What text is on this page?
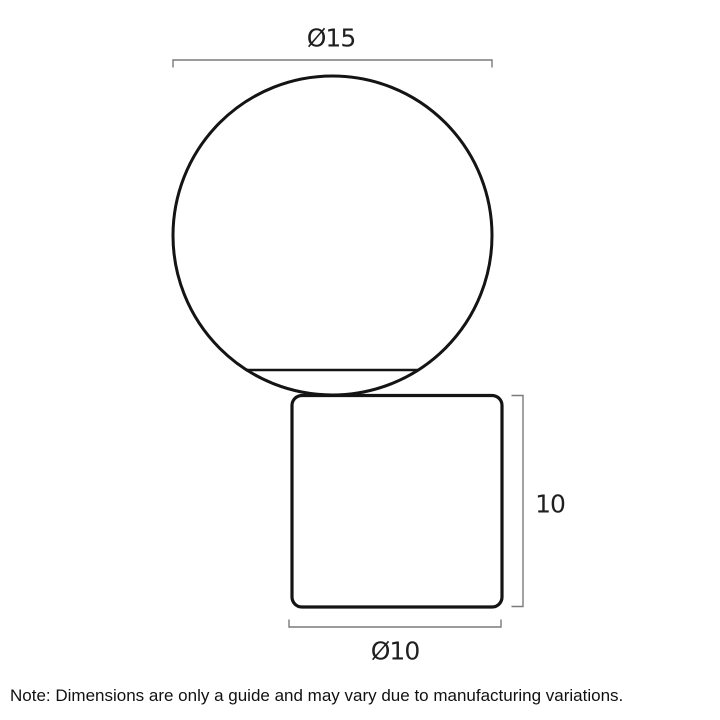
Ø15
10
Ø10
Note: Dimensions are only a guide and may vary due to manufacturing variations.
